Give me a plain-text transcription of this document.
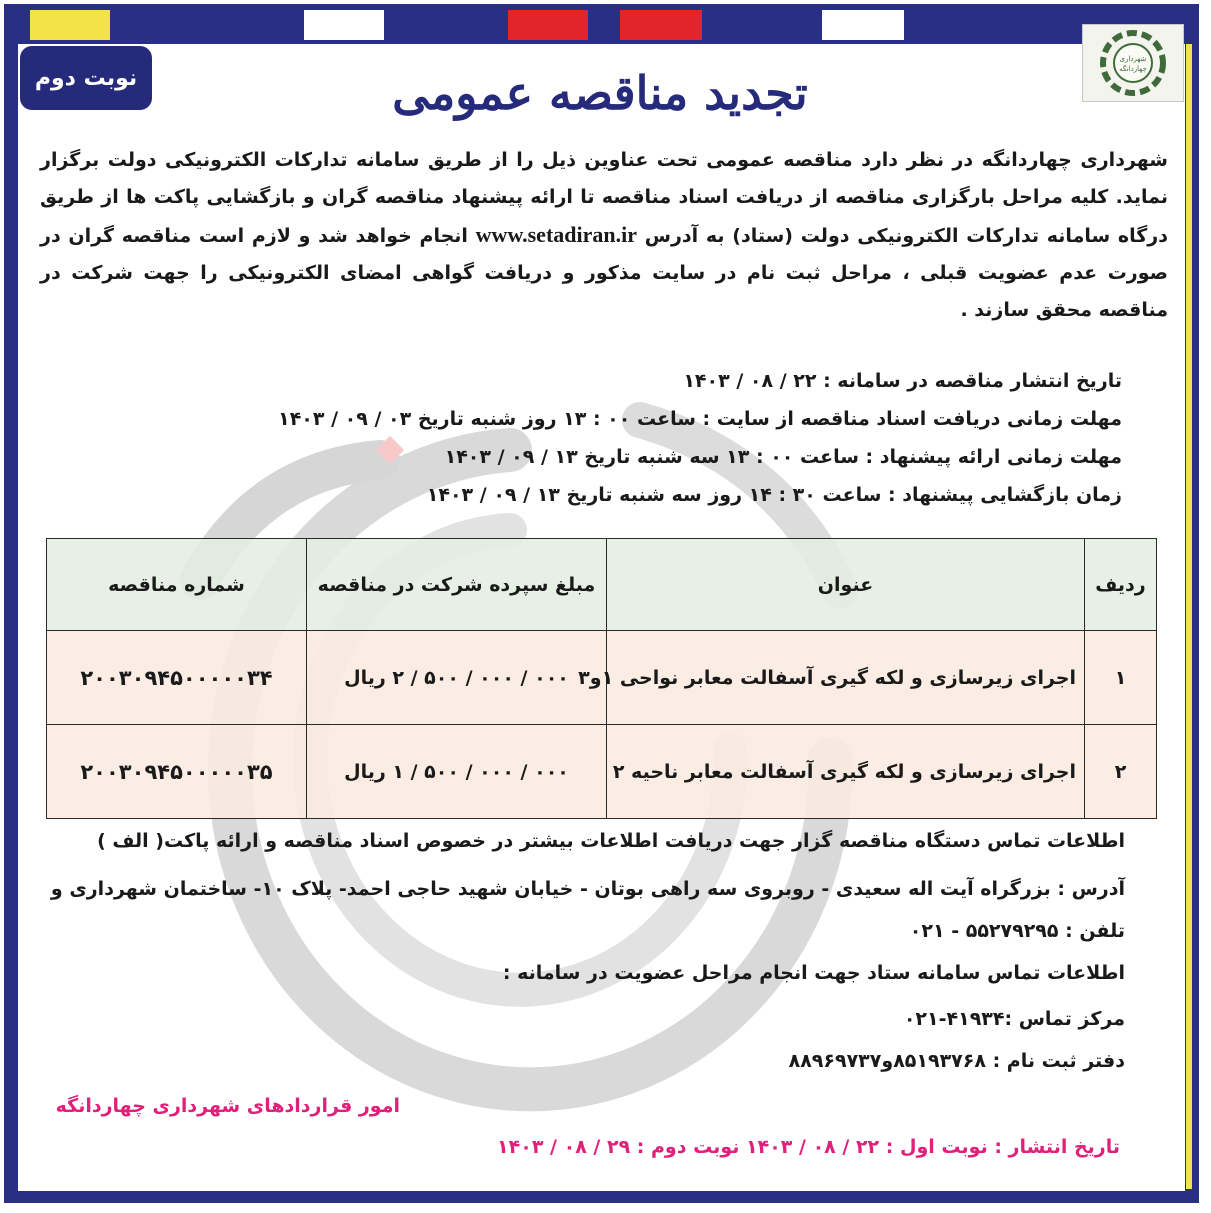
شهرداری
چهاردانگه
نوبت دوم	تجدید مناقصه عمومی

شهرداری چهاردانگه در نظر دارد مناقصه عمومی تحت عناوین ذیل را از طریق سامانه تدارکات الکترونیکی دولت برگزار نماید. کلیه مراحل بارگزاری مناقصه از دریافت اسناد مناقصه تا ارائه پیشنهاد مناقصه گران و بازگشایی پاکت ها از طریق درگاه سامانه تدارکات الکترونیکی دولت (ستاد) به آدرس www.setadiran.ir انجام خواهد شد و لازم است مناقصه گران در صورت عدم عضویت قبلی ، مراحل ثبت نام در سایت مذکور و دریافت گواهی امضای الکترونیکی را جهت شرکت در مناقصه محقق سازند .

تاریخ انتشار مناقصه در سامانه : ۲۲ / ۰۸ / ۱۴۰۳
مهلت زمانی دریافت اسناد مناقصه از سایت : ساعت ۰۰ : ۱۳ روز شنبه تاریخ ۰۳ / ۰۹ / ۱۴۰۳
مهلت زمانی ارائه پیشنهاد : ساعت ۰۰ : ۱۳ سه شنبه تاریخ ۱۳ / ۰۹ / ۱۴۰۳
زمان بازگشایی پیشنهاد : ساعت ۳۰ : ۱۴ روز سه شنبه تاریخ ۱۳ / ۰۹ / ۱۴۰۳
ردیف	عنوان	مبلغ سپرده شرکت در مناقصه	شماره مناقصه
۱	اجرای زیرسازی و لکه گیری آسفالت معابر نواحی ۱و۳	۰۰۰ / ۰۰۰ / ۵۰۰ / ۲ ریال	۲۰۰۳۰۹۴۵۰۰۰۰۰۳۴
۲	اجرای زیرسازی و لکه گیری آسفالت معابر ناحیه ۲	۰۰۰ / ۰۰۰ / ۵۰۰ / ۱ ریال	۲۰۰۳۰۹۴۵۰۰۰۰۰۳۵
اطلاعات تماس دستگاه مناقصه گزار جهت دریافت اطلاعات بیشتر در خصوص اسناد مناقصه و ارائه پاکت( الف )
آدرس : بزرگراه آیت اله سعیدی - روبروی سه راهی بوتان - خیابان شهید حاجی احمد- پلاک ۱۰- ساختمان شهرداری و
تلفن : ۵۵۲۷۹۲۹۵ - ۰۲۱
اطلاعات تماس سامانه ستاد جهت انجام مراحل عضویت در سامانه :
مرکز تماس :۴۱۹۳۴-۰۲۱
دفتر ثبت نام : ۸۵۱۹۳۷۶۸و۸۸۹۶۹۷۳۷
امور قراردادهای شهرداری چهاردانگه
تاریخ انتشار : نوبت اول : ۲۲ / ۰۸ / ۱۴۰۳ نوبت دوم : ۲۹ / ۰۸ / ۱۴۰۳
